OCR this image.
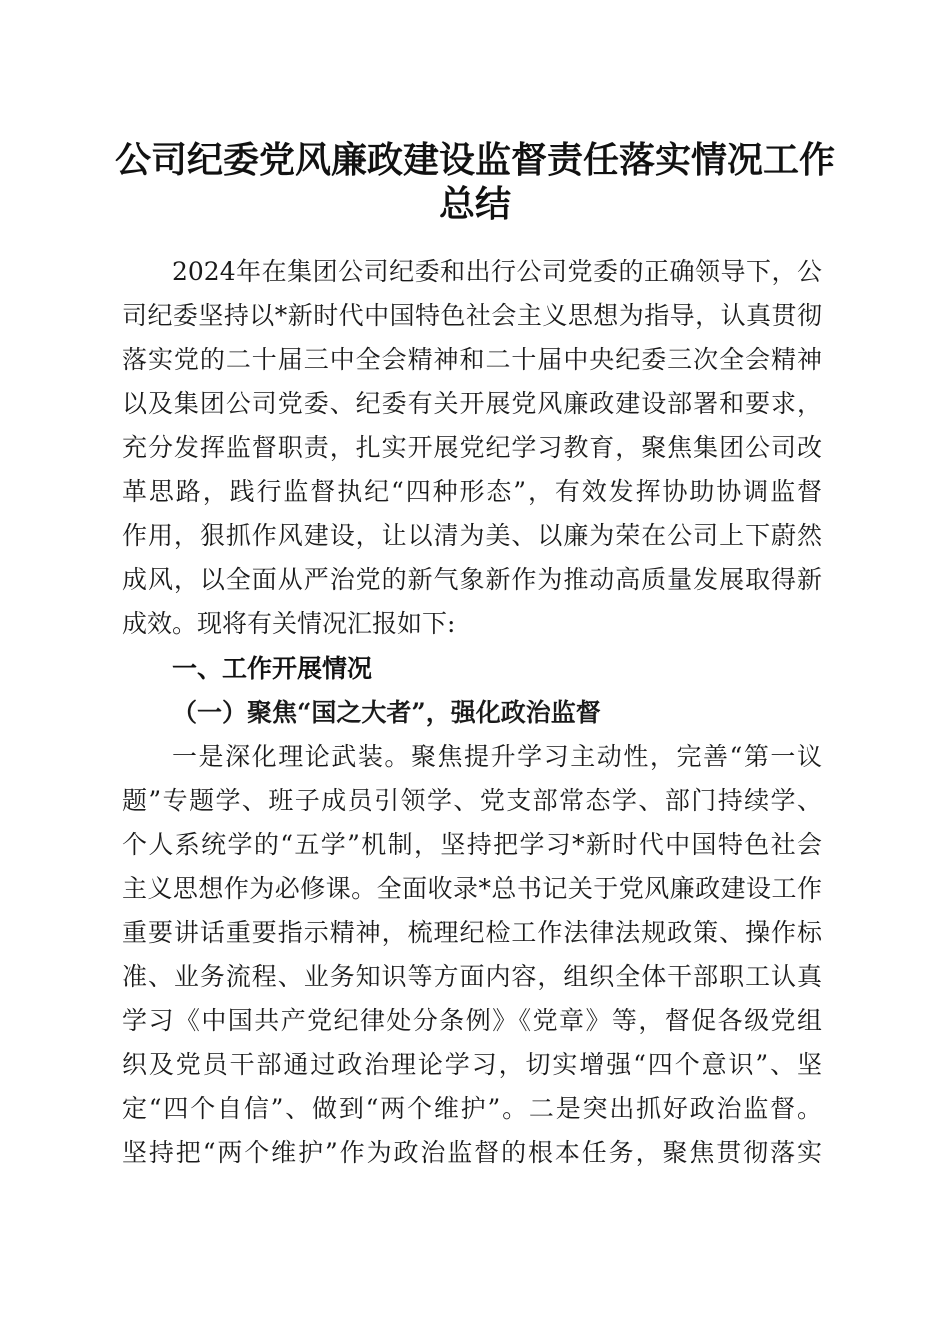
公司纪委党风廉政建设监督责任落实情况工作
总结
2024年在集团公司纪委和出行公司党委的正确领导下，公
司纪委坚持以*新时代中国特色社会主义思想为指导，认真贯彻
落实党的二十届三中全会精神和二十届中央纪委三次全会精神
以及集团公司党委、纪委有关开展党风廉政建设部署和要求，
充分发挥监督职责，扎实开展党纪学习教育，聚焦集团公司改
革思路，践行监督执纪“四种形态”，有效发挥协助协调监督
作用，狠抓作风建设，让以清为美、以廉为荣在公司上下蔚然
成风，以全面从严治党的新气象新作为推动高质量发展取得新
成效。现将有关情况汇报如下:
一、工作开展情况
（一）聚焦“国之大者”，强化政治监督
一是深化理论武装。聚焦提升学习主动性，完善“第一议
题”专题学、班子成员引领学、党支部常态学、部门持续学、
个人系统学的“五学”机制，坚持把学习*新时代中国特色社会
主义思想作为必修课。全面收录*总书记关于党风廉政建设工作
重要讲话重要指示精神，梳理纪检工作法律法规政策、操作标
准、业务流程、业务知识等方面内容，组织全体干部职工认真
学习《中国共产党纪律处分条例》《党章》等，督促各级党组
织及党员干部通过政治理论学习，切实增强“四个意识”、坚
定“四个自信”、做到“两个维护”。二是突出抓好政治监督。
坚持把“两个维护”作为政治监督的根本任务，聚焦贯彻落实
